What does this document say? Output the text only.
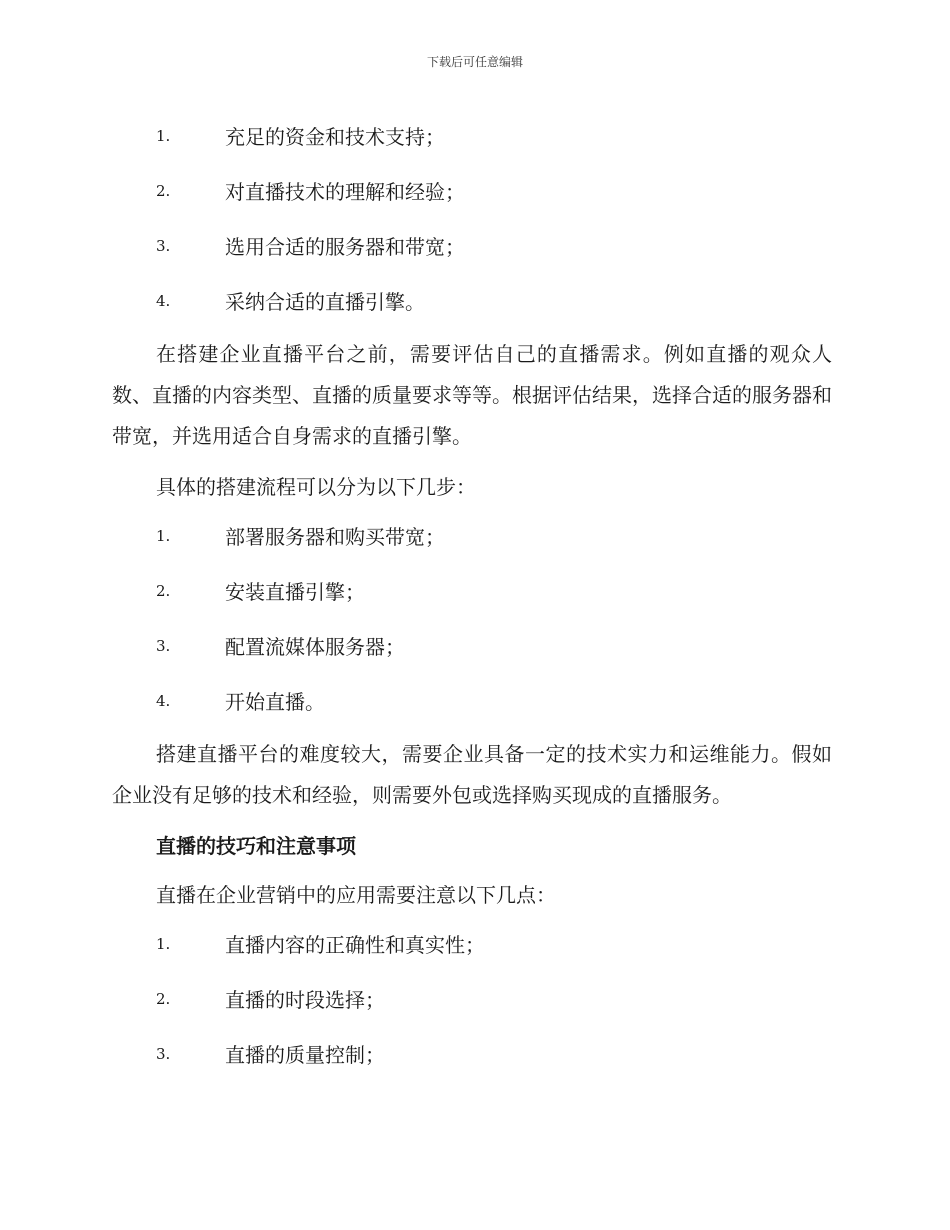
下载后可任意编辑
1.	充足的资金和技术支持；
2.	对直播技术的理解和经验；
3.	选用合适的服务器和带宽；
4.	采纳合适的直播引擎。

在搭建企业直播平台之前，需要评估自己的直播需求。例如直播的观众人数、直播的内容类型、直播的质量要求等等。根据评估结果，选择合适的服务器和带宽，并选用适合自身需求的直播引擎。

具体的搭建流程可以分为以下几步：

1.	部署服务器和购买带宽；
2.	安装直播引擎；
3.	配置流媒体服务器；
4.	开始直播。

搭建直播平台的难度较大，需要企业具备一定的技术实力和运维能力。假如企业没有足够的技术和经验，则需要外包或选择购买现成的直播服务。

直播的技巧和注意事项

直播在企业营销中的应用需要注意以下几点：

1.	直播内容的正确性和真实性；
2.	直播的时段选择；
3.	直播的质量控制；
